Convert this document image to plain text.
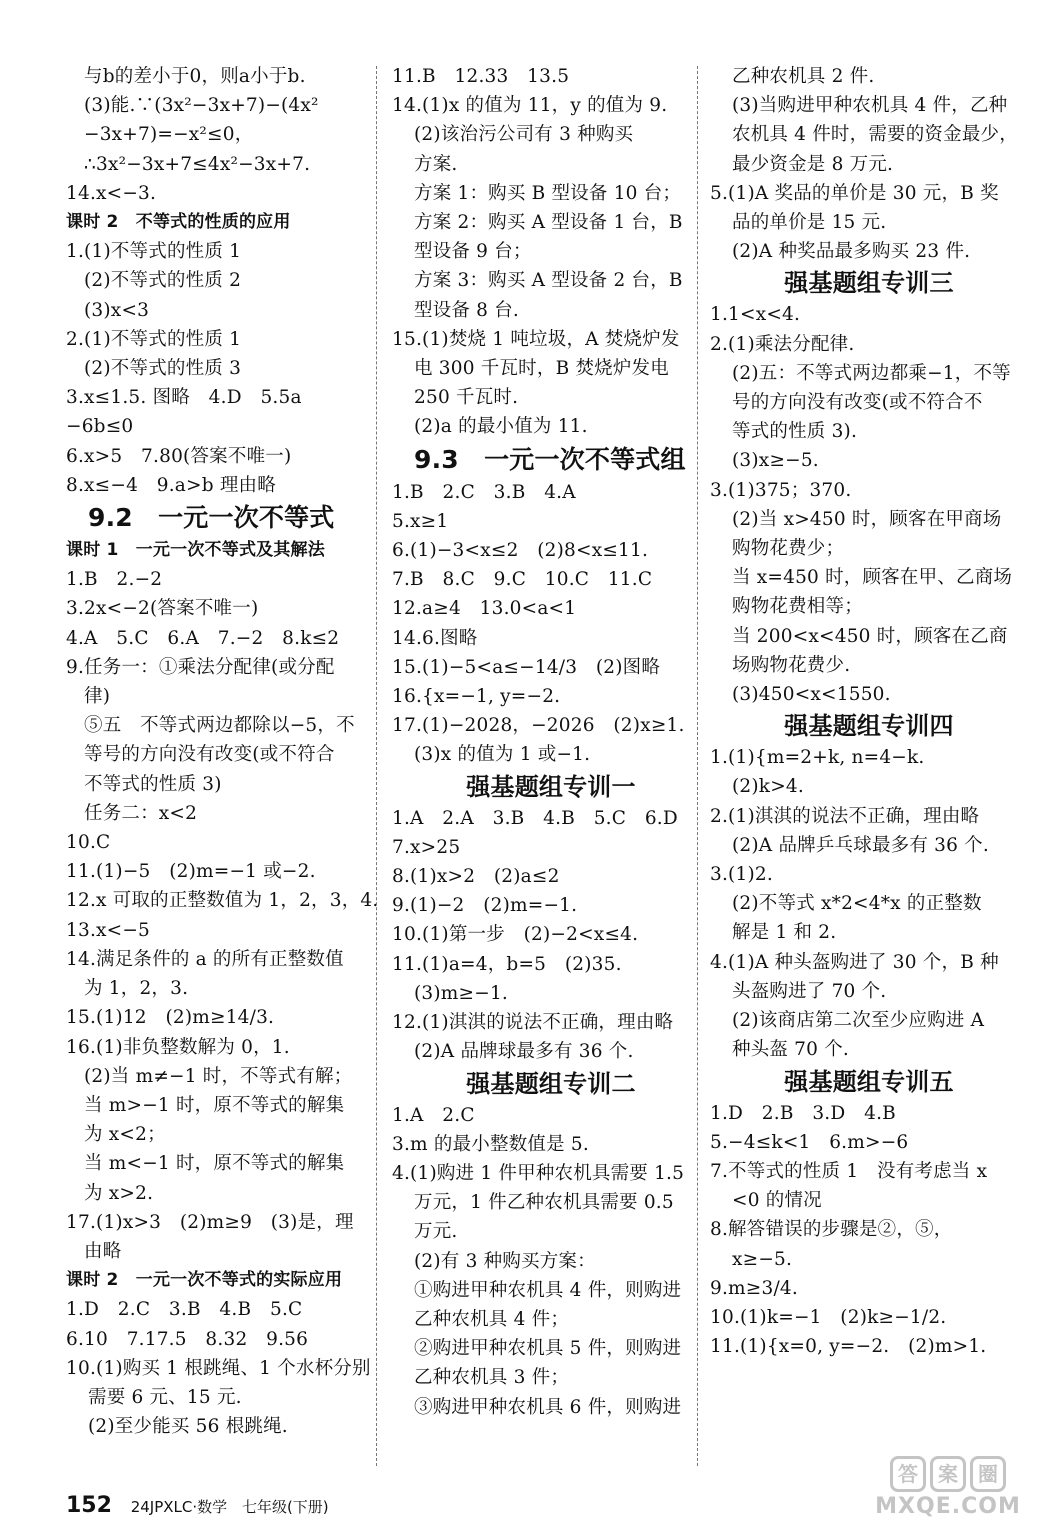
与b的差小于0，则a小于b.
(3)能.∵(3x²−3x+7)−(4x²
−3x+7)=−x²≤0，
∴3x²−3x+7≤4x²−3x+7.
14.x<−3.
课时 2　不等式的性质的应用
1.(1)不等式的性质 1
(2)不等式的性质 2
(3)x<3
2.(1)不等式的性质 1
(2)不等式的性质 3
3.x≤1.5. 图略　4.D　5.5a
−6b≤0
6.x>5　7.80(答案不唯一)
8.x≤−4　9.a>b 理由略
9.2　一元一次不等式
课时 1　一元一次不等式及其解法
1.B　2.−2
3.2x<−2(答案不唯一)
4.A　5.C　6.A　7.−2　8.k≤2
9.任务一：①乘法分配律(或分配
律)
⑤五　不等式两边都除以−5，不
等号的方向没有改变(或不符合
不等式的性质 3)
任务二：x<2
10.C
11.(1)−5　(2)m=−1 或−2.
12.x 可取的正整数值为 1，2，3，4.
13.x<−5
14.满足条件的 a 的所有正整数值
为 1，2，3.
15.(1)12　(2)m≥14/3.
16.(1)非负整数解为 0，1.
(2)当 m≠−1 时，不等式有解；
当 m>−1 时，原不等式的解集
为 x<2；
当 m<−1 时，原不等式的解集
为 x>2.
17.(1)x>3　(2)m≥9　(3)是，理
由略
课时 2　一元一次不等式的实际应用
1.D　2.C　3.B　4.B　5.C
6.10　7.17.5　8.32　9.56
10.(1)购买 1 根跳绳、1 个水杯分别
需要 6 元、15 元.
(2)至少能买 56 根跳绳.
11.B　12.33　13.5
14.(1)x 的值为 11，y 的值为 9.
(2)该治污公司有 3 种购买
方案.
方案 1：购买 B 型设备 10 台；
方案 2：购买 A 型设备 1 台，B
型设备 9 台；
方案 3：购买 A 型设备 2 台，B
型设备 8 台.
15.(1)焚烧 1 吨垃圾，A 焚烧炉发
电 300 千瓦时，B 焚烧炉发电
250 千瓦时.
(2)a 的最小值为 11.
9.3　一元一次不等式组
1.B　2.C　3.B　4.A
5.x≥1
6.(1)−3<x≤2　(2)8<x≤11.
7.B　8.C　9.C　10.C　11.C
12.a≥4　13.0<a<1
14.6.图略
15.(1)−5<a≤−14/3　(2)图略
16.{x=−1, y=−2.
17.(1)−2028，−2026　(2)x≥1.
(3)x 的值为 1 或−1.
强基题组专训一
1.A　2.A　3.B　4.B　5.C　6.D
7.x>25
8.(1)x>2　(2)a≤2
9.(1)−2　(2)m=−1.
10.(1)第一步　(2)−2<x≤4.
11.(1)a=4，b=5　(2)35.
(3)m≥−1.
12.(1)淇淇的说法不正确，理由略
(2)A 品牌球最多有 36 个.
强基题组专训二
1.A　2.C
3.m 的最小整数值是 5.
4.(1)购进 1 件甲种农机具需要 1.5
万元，1 件乙种农机具需要 0.5
万元.
(2)有 3 种购买方案：
①购进甲种农机具 4 件，则购进
乙种农机具 4 件；
②购进甲种农机具 5 件，则购进
乙种农机具 3 件；
③购进甲种农机具 6 件，则购进
乙种农机具 2 件.
(3)当购进甲种农机具 4 件，乙种
农机具 4 件时，需要的资金最少，
最少资金是 8 万元.
5.(1)A 奖品的单价是 30 元，B 奖
品的单价是 15 元.
(2)A 种奖品最多购买 23 件.
强基题组专训三
1.1<x<4.
2.(1)乘法分配律.
(2)五：不等式两边都乘−1，不等
号的方向没有改变(或不符合不
等式的性质 3).
(3)x≥−5.
3.(1)375；370.
(2)当 x>450 时，顾客在甲商场
购物花费少；
当 x=450 时，顾客在甲、乙商场
购物花费相等；
当 200<x<450 时，顾客在乙商
场购物花费少.
(3)450<x<1550.
强基题组专训四
1.(1){m=2+k, n=4−k.
(2)k>4.
2.(1)淇淇的说法不正确，理由略
(2)A 品牌乒乓球最多有 36 个.
3.(1)2.
(2)不等式 x*2<4*x 的正整数
解是 1 和 2.
4.(1)A 种头盔购进了 30 个，B 种
头盔购进了 70 个.
(2)该商店第二次至少应购进 A
种头盔 70 个.
强基题组专训五
1.D　2.B　3.D　4.B
5.−4≤k<1　6.m>−6
7.不等式的性质 1　没有考虑当 x
<0 的情况
8.解答错误的步骤是②，⑤，
x≥−5.
9.m≥3/4.
10.(1)k=−1　(2)k≥−1/2.
11.(1){x=0, y=−2.　(2)m>1.
152 24JPXLC·数学 七年级(下册)
答 案 圈
MXQE.COM
